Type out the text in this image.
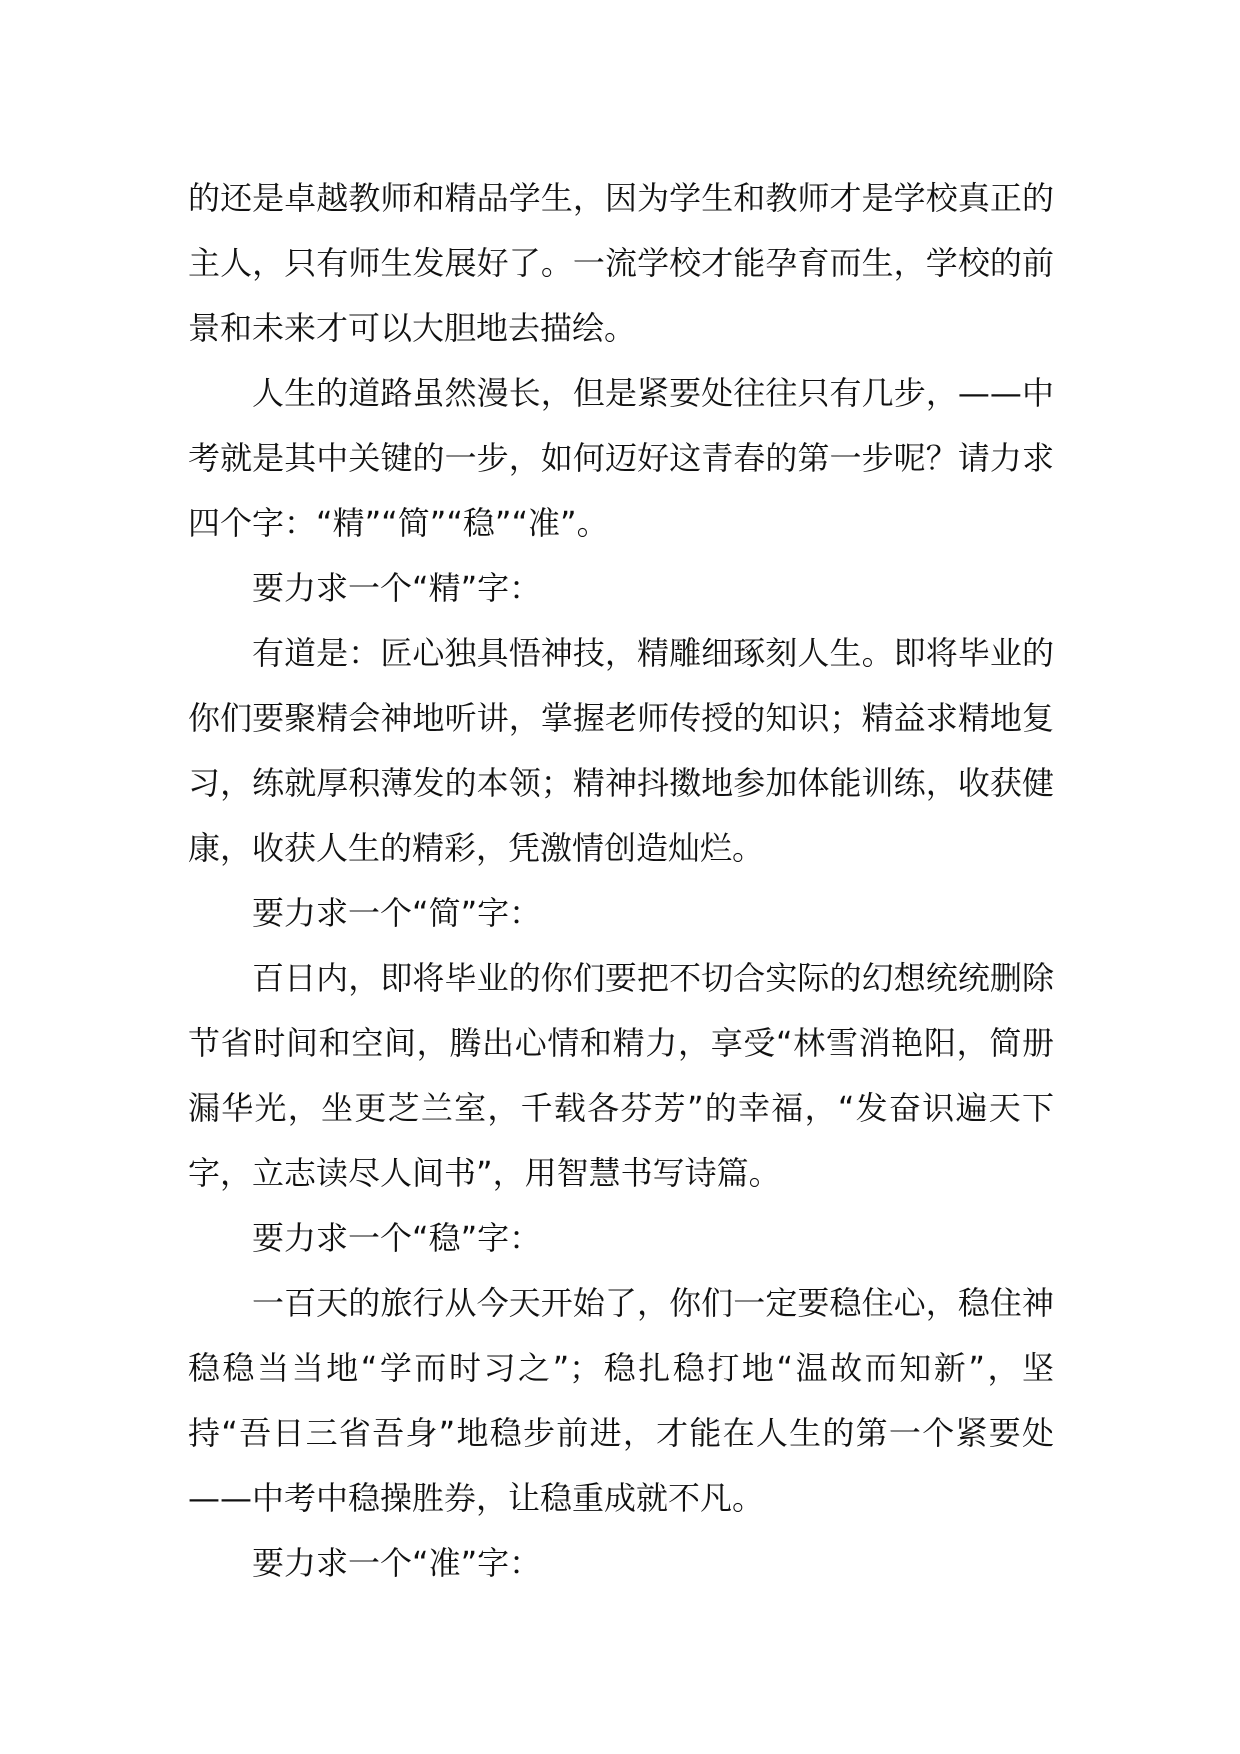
的还是卓越教师和精品学生，因为学生和教师才是学校真正的主人，只有师生发展好了。一流学校才能孕育而生，学校的前景和未来才可以大胆地去描绘。

人生的道路虽然漫长，但是紧要处往往只有几步，——中考就是其中关键的一步，如何迈好这青春的第一步呢？请力求四个字：“精”“简”“稳”“准”。

要力求一个“精”字：

有道是：匠心独具悟神技，精雕细琢刻人生。即将毕业的你们要聚精会神地听讲，掌握老师传授的知识；精益求精地复习，练就厚积薄发的本领；精神抖擞地参加体能训练，收获健康，收获人生的精彩，凭激情创造灿烂。

要力求一个“简”字：

百日内，即将毕业的你们要把不切合实际的幻想统统删除节省时间和空间，腾出心情和精力，享受“林雪消艳阳，简册漏华光，坐更芝兰室，千载各芬芳”的幸福，“发奋识遍天下字，立志读尽人间书”，用智慧书写诗篇。

要力求一个“稳”字：

一百天的旅行从今天开始了，你们一定要稳住心，稳住神稳稳当当地“学而时习之”；稳扎稳打地“温故而知新”，坚持“吾日三省吾身”地稳步前进，才能在人生的第一个紧要处——中考中稳操胜券，让稳重成就不凡。

要力求一个“准”字：
